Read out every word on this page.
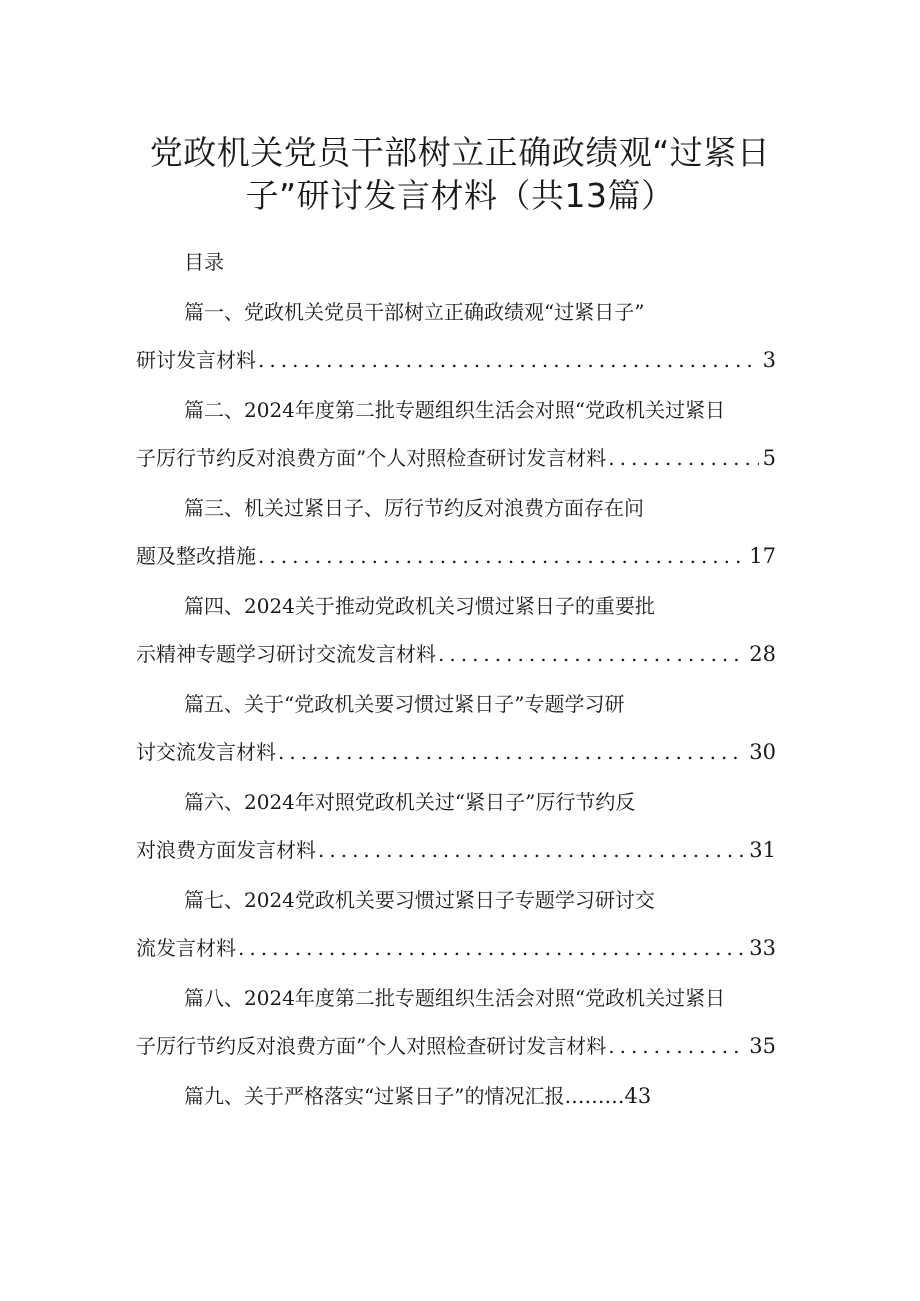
党政机关党员干部树立正确政绩观“过紧日
子”研讨发言材料（共13篇）
目录
篇一、党政机关党员干部树立正确政绩观“过紧日子”
研讨发言材料 .....	3
篇二、2024年度第二批专题组织生活会对照“党政机关过紧日
子厉行节约反对浪费方面”个人对照检查研讨发言材料 .....	5
篇三、机关过紧日子、厉行节约反对浪费方面存在问
题及整改措施 .....	17
篇四、2024关于推动党政机关习惯过紧日子的重要批
示精神专题学习研讨交流发言材料 .....	28
篇五、关于“党政机关要习惯过紧日子”专题学习研
讨交流发言材料 .....	30
篇六、2024年对照党政机关过“紧日子”厉行节约反
对浪费方面发言材料 .....	31
篇七、2024党政机关要习惯过紧日子专题学习研讨交
流发言材料 .....	33
篇八、2024年度第二批专题组织生活会对照“党政机关过紧日
子厉行节约反对浪费方面”个人对照检查研讨发言材料 .....	35
篇九、关于严格落实“过紧日子”的情况汇报………43
